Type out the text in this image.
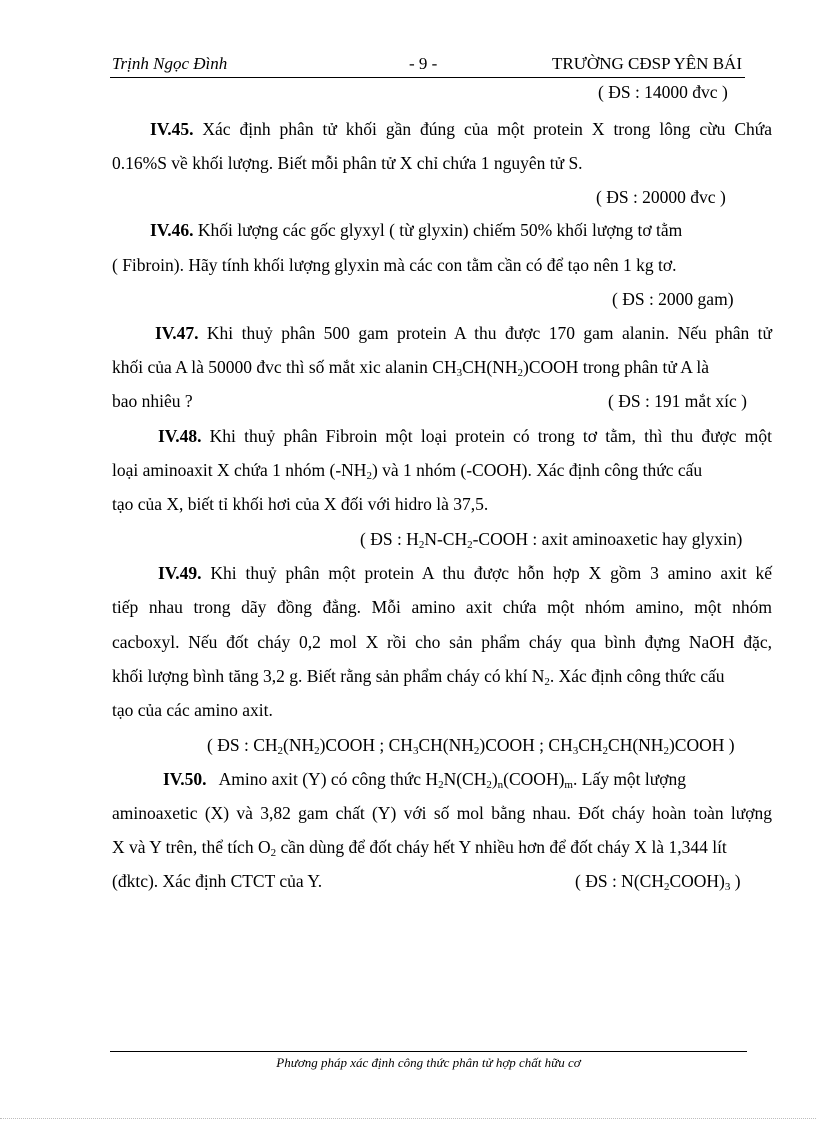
Trịnh Ngọc Đình	- 9 -	TRƯỜNG CĐSP YÊN BÁI
( ĐS : 14000 đvc )
IV.45. Xác định phân tử khối gần đúng của một protein X trong lông cừu Chứa
0.16%S về khối lượng. Biết mỗi phân tử X chỉ chứa 1 nguyên tử S.
( ĐS : 20000 đvc )
IV.46. Khối lượng các gốc glyxyl ( từ glyxin) chiếm 50% khối lượng tơ tằm
( Fibroin). Hãy tính khối lượng glyxin mà các con tằm cần có để tạo nên 1 kg tơ.
( ĐS : 2000 gam)
IV.47. Khi thuỷ phân 500 gam protein A thu được 170 gam alanin. Nếu phân tử
khối của A là 50000 đvc thì số mắt xic alanin $CH_3CH(NH_2)COOH$ trong phân tử A là
bao nhiêu ?	( ĐS : 191 mắt xíc )
IV.48. Khi thuỷ phân Fibroin một loại protein có trong tơ tằm, thì thu được một
loại aminoaxit X chứa 1 nhóm $(-NH_2)$ và 1 nhóm (-COOH). Xác định công thức cấu
tạo của X, biết tỉ khối hơi của X đối với hidro là 37,5.
( ĐS : $H_2N-CH_2$-COOH : axit aminoaxetic hay glyxin)
IV.49. Khi thuỷ phân một protein A thu được hỗn hợp X gồm 3 amino axit kế
tiếp nhau trong dãy đồng đẳng. Mỗi amino axit chứa một nhóm amino, một nhóm
cacboxyl. Nếu đốt cháy 0,2 mol X rồi cho sản phẩm cháy qua bình đựng NaOH đặc,
khối lượng bình tăng 3,2 g. Biết rằng sản phẩm cháy có khí $N_2$. Xác định công thức cấu
tạo của các amino axit.
( ĐS : $CH_2(NH_2)COOH$ ; $CH_3CH(NH_2)COOH$ ; $CH_3CH_2CH(NH_2)COOH$ )
IV.50. Amino axit (Y) có công thức $H_2N(CH_2)_n(COOH)_m$. Lấy một lượng
aminoaxetic (X) và 3,82 gam chất (Y) với số mol bằng nhau. Đốt cháy hoàn toàn lượng
X và Y trên, thể tích $O_2$ cần dùng để đốt cháy hết Y nhiều hơn để đốt cháy X là 1,344 lít
(đktc). Xác định CTCT của Y.	( ĐS : $N(CH_2COOH)_3$ )
Phương pháp xác định công thức phân tử hợp chất hữu cơ
